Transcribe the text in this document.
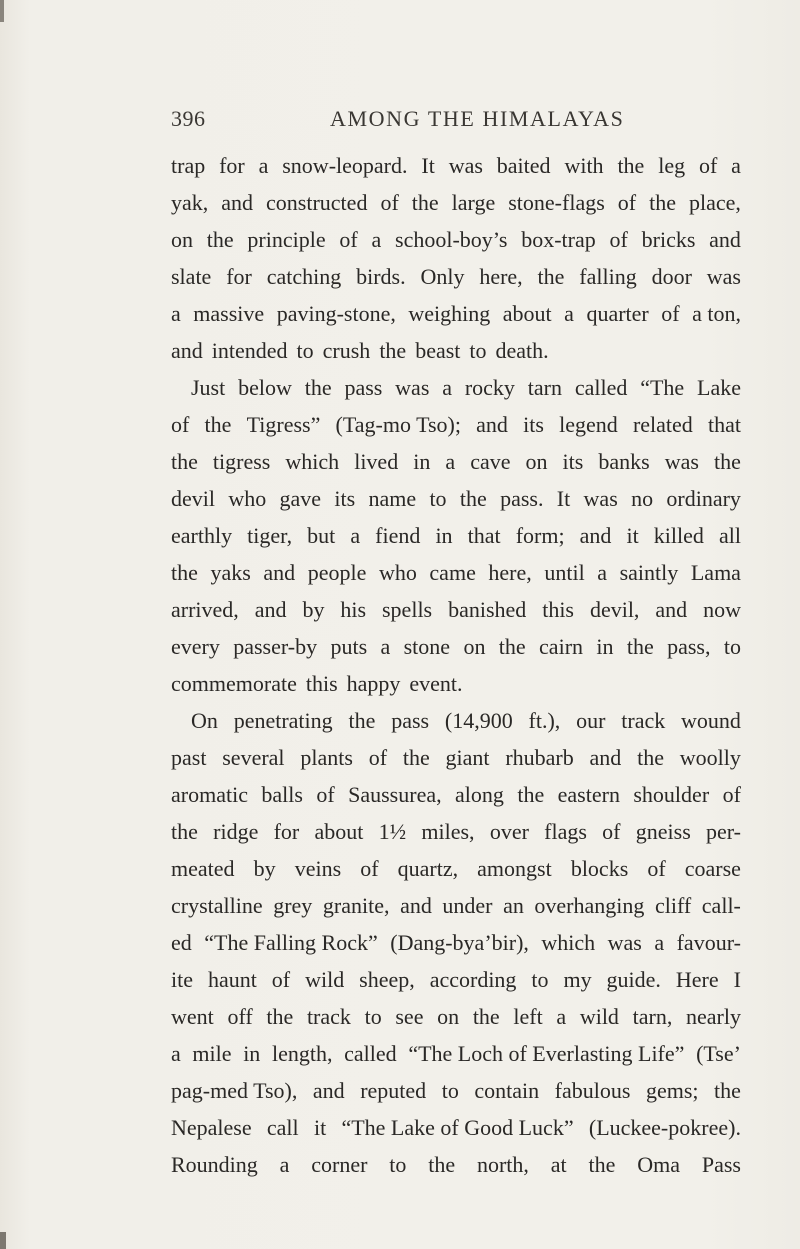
396	AMONG THE HIMALAYAS
trap for a snow-leopard. It was baited with the leg of a
yak, and constructed of the large stone-flags of the place,
on the principle of a school-boy’s box-trap of bricks and
slate for catching birds. Only here, the falling door was
a massive paving-stone, weighing about a quarter of a ton,
and intended to crush the beast to death.
Just below the pass was a rocky tarn called “The Lake
of the Tigress” (Tag-mo Tso); and its legend related that
the tigress which lived in a cave on its banks was the
devil who gave its name to the pass. It was no ordinary
earthly tiger, but a fiend in that form; and it killed all
the yaks and people who came here, until a saintly Lama
arrived, and by his spells banished this devil, and now
every passer-by puts a stone on the cairn in the pass, to
commemorate this happy event.
On penetrating the pass (14,900 ft.), our track wound
past several plants of the giant rhubarb and the woolly
aromatic balls of Saussurea, along the eastern shoulder of
the ridge for about 1½ miles, over flags of gneiss per-
meated by veins of quartz, amongst blocks of coarse
crystalline grey granite, and under an overhanging cliff call-
ed “The Falling Rock” (Dang-bya’bir), which was a favour-
ite haunt of wild sheep, according to my guide. Here I
went off the track to see on the left a wild tarn, nearly
a mile in length, called “The Loch of Everlasting Life” (Tse’
pag-med Tso), and reputed to contain fabulous gems; the
Nepalese call it “The Lake of Good Luck” (Luckee-pokree).
Rounding a corner to the north, at the Oma Pass
